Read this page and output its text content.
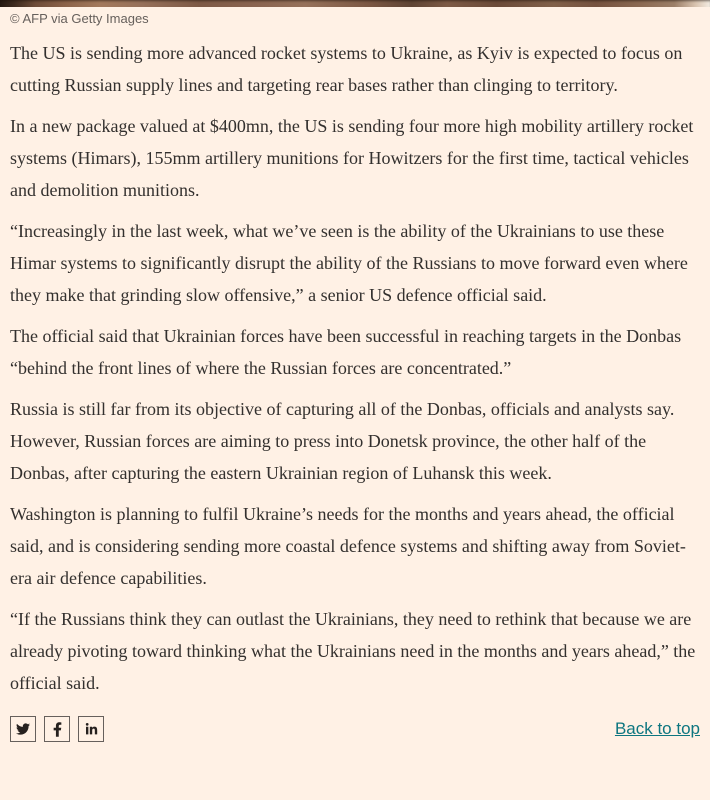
© AFP via Getty Images

The US is sending more advanced rocket systems to Ukraine, as Kyiv is expected to focus on cutting Russian supply lines and targeting rear bases rather than clinging to territory.

In a new package valued at $400mn, the US is sending four more high mobility artillery rocket systems (Himars), 155mm artillery munitions for Howitzers for the first time, tactical vehicles and demolition munitions.

“Increasingly in the last week, what we’ve seen is the ability of the Ukrainians to use these Himar systems to significantly disrupt the ability of the Russians to move forward even where they make that grinding slow offensive,” a senior US defence official said.

The official said that Ukrainian forces have been successful in reaching targets in the Donbas “behind the front lines of where the Russian forces are concentrated.”

Russia is still far from its objective of capturing all of the Donbas, officials and analysts say. However, Russian forces are aiming to press into Donetsk province, the other half of the Donbas, after capturing the eastern Ukrainian region of Luhansk this week.

Washington is planning to fulfil Ukraine’s needs for the months and years ahead, the official said, and is considering sending more coastal defence systems and shifting away from Soviet-era air defence capabilities.

“If the Russians think they can outlast the Ukrainians, they need to rethink that because we are already pivoting toward thinking what the Ukrainians need in the months and years ahead,” the official said.

Back to top
